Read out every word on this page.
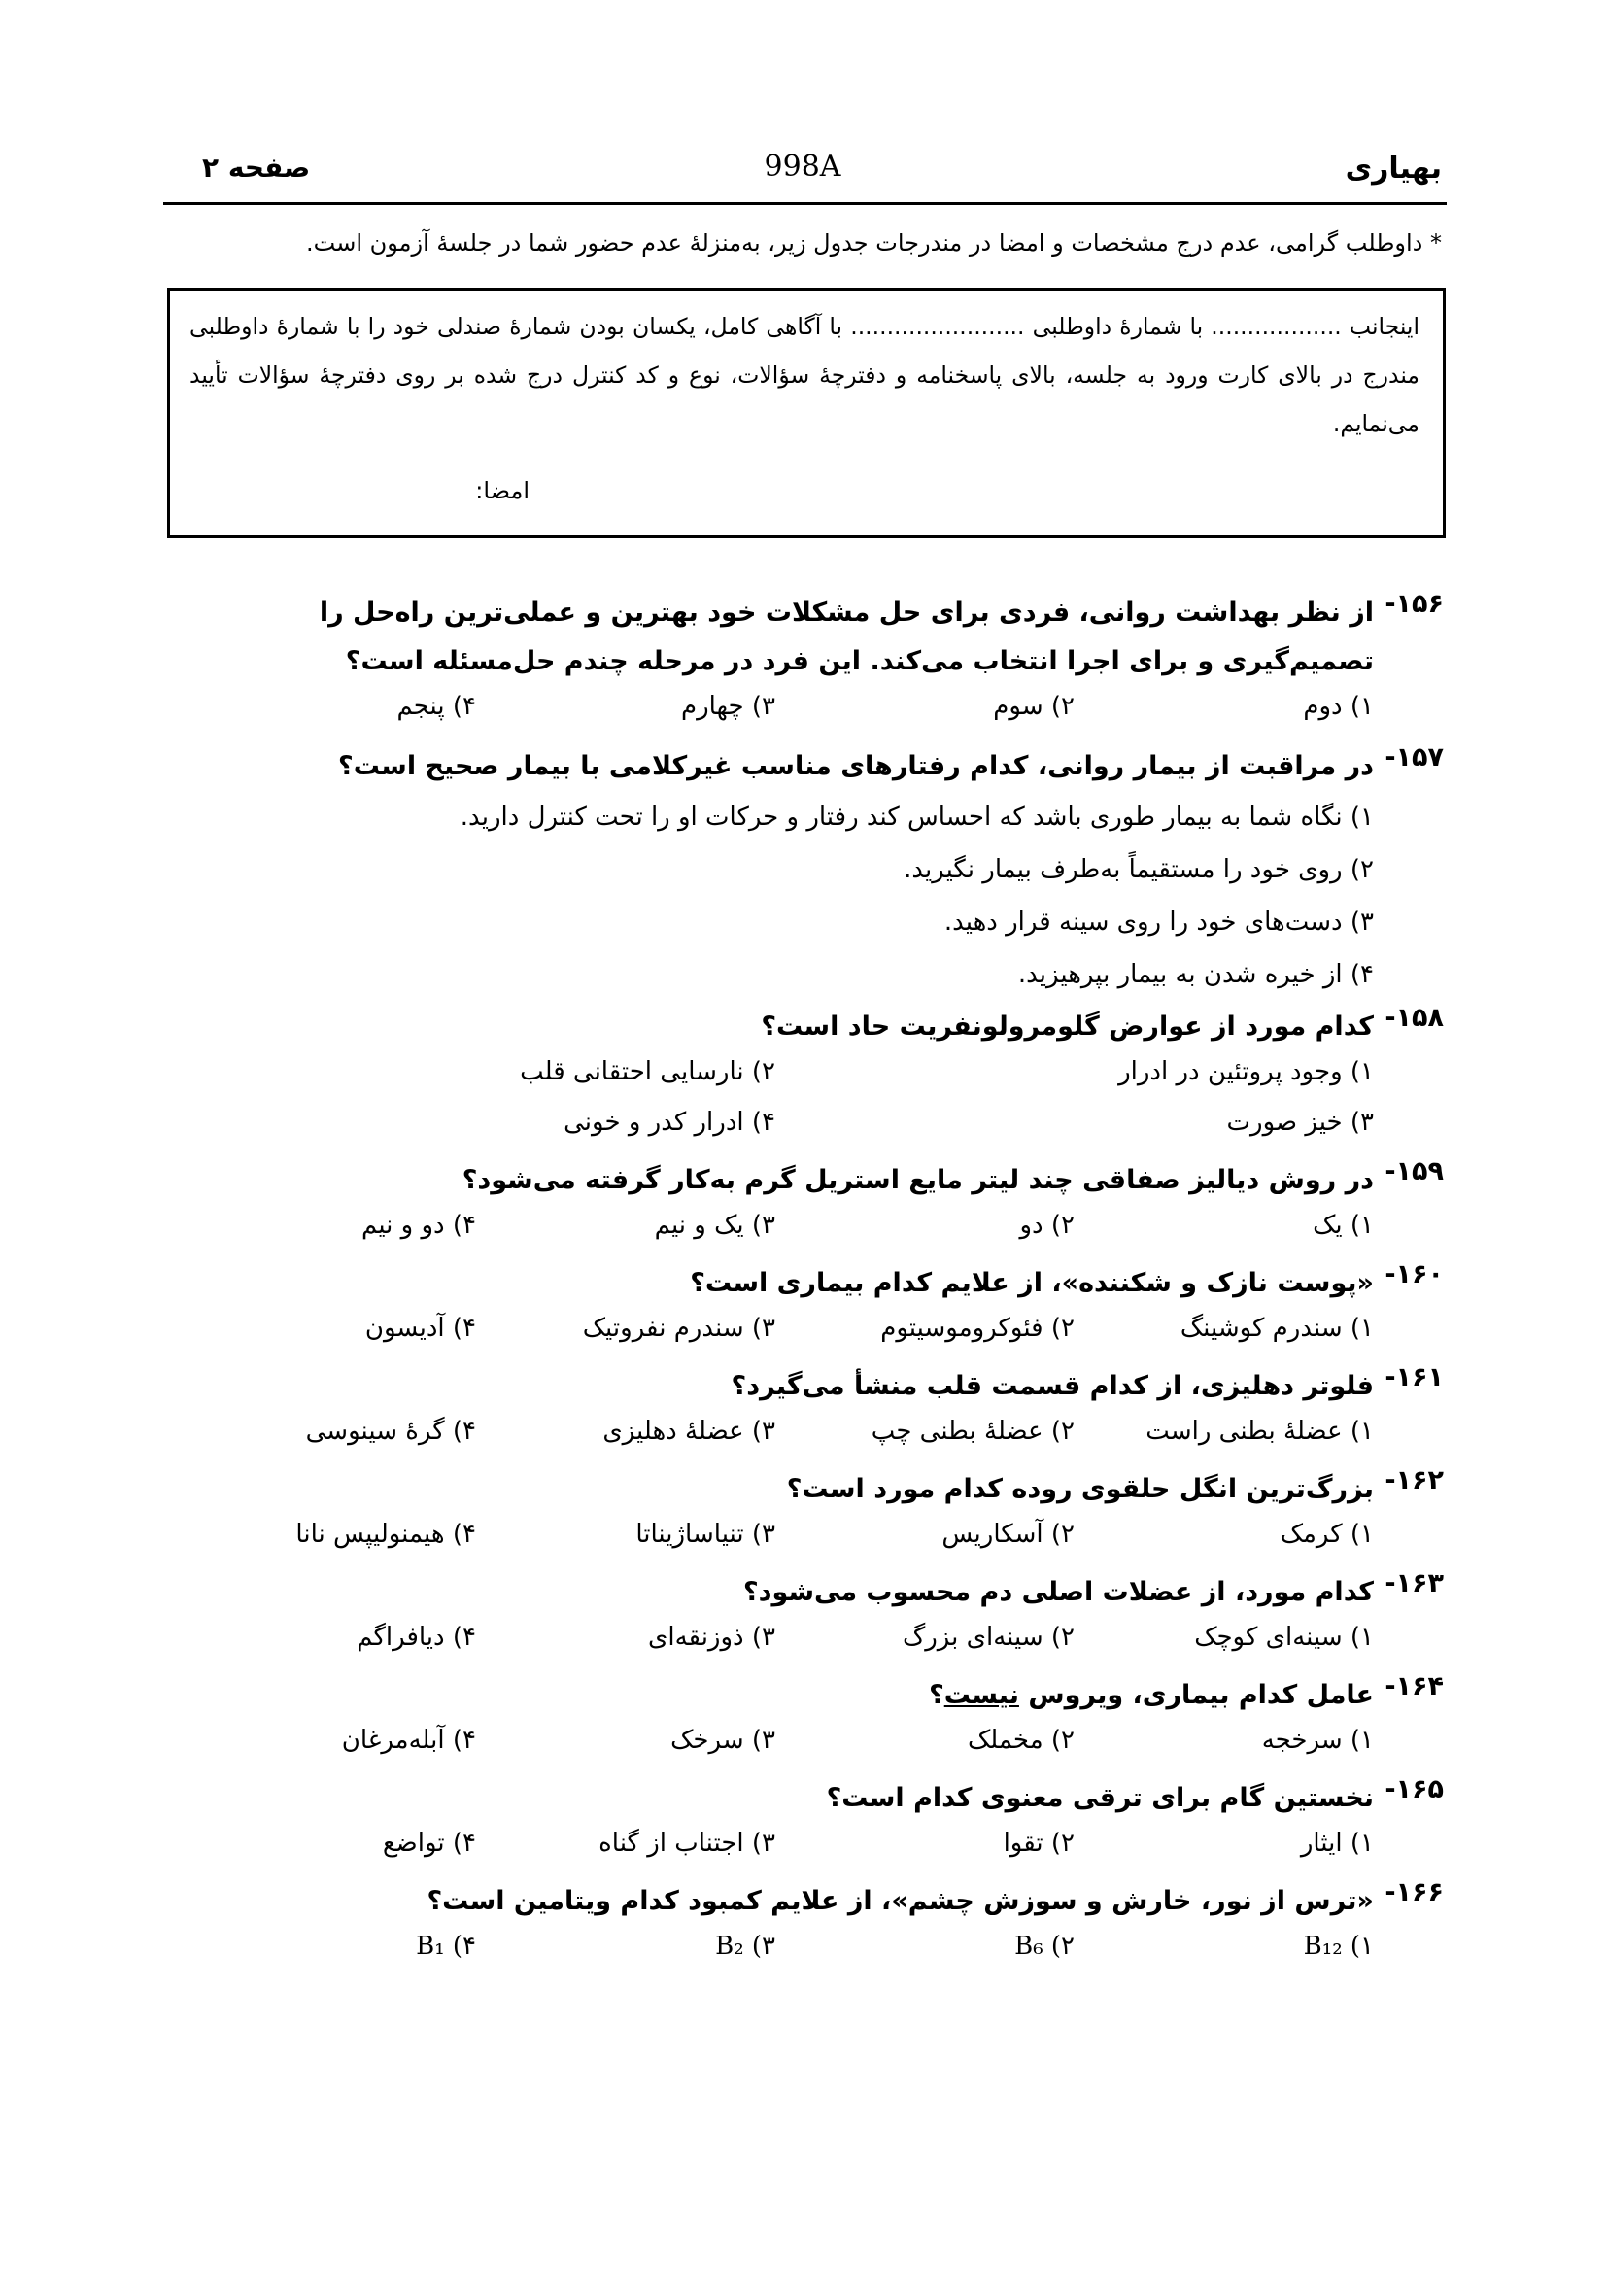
صفحه ۲	998A	بهیاری
* داوطلب گرامی، عدم درج مشخصات و امضا در مندرجات جدول زیر، به‌منزلهٔ عدم حضور شما در جلسهٔ آزمون است.
اینجانب .................. با شمارهٔ داوطلبی ........................ با آگاهی کامل، یکسان بودن شمارهٔ صندلی خود را با شمارهٔ داوطلبی مندرج در بالای کارت ورود به جلسه، بالای پاسخنامه و دفترچهٔ سؤالات، نوع و کد کنترل درج شده بر روی دفترچهٔ سؤالات تأیید می‌نمایم.
امضا:
۱۵۶-
از نظر بهداشت روانی، فردی برای حل مشکلات خود بهترین و عملی‌ترین راه‌حل را تصمیم‌گیری و برای اجرا انتخاب می‌کند. این فرد در مرحله چندم حل‌مسئله است؟
۱) دوم
۲) سوم
۳) چهارم
۴) پنجم
۱۵۷-
در مراقبت از بیمار روانی، کدام رفتارهای مناسب غیرکلامی با بیمار صحیح است؟
۱) نگاه شما به بیمار طوری باشد که احساس کند رفتار و حرکات او را تحت کنترل دارید.
۲) روی خود را مستقیماً به‌طرف بیمار نگیرید.
۳) دست‌های خود را روی سینه قرار دهید.
۴) از خیره شدن به بیمار بپرهیزید.
۱۵۸-
کدام مورد از عوارض گلومرولونفریت حاد است؟
۱) وجود پروتئین در ادرار
۲) نارسایی احتقانی قلب
۳) خیز صورت
۴) ادرار کدر و خونی
۱۵۹-
در روش دیالیز صفاقی چند لیتر مایع استریل گرم به‌کار گرفته می‌شود؟
۱) یک
۲) دو
۳) یک و نیم
۴) دو و نیم
۱۶۰-
«پوست نازک و شکننده»، از علایم کدام بیماری است؟
۱) سندرم کوشینگ
۲) فئوکروموسیتوم
۳) سندرم نفروتیک
۴) آدیسون
۱۶۱-
فلوتر دهلیزی، از کدام قسمت قلب منشأ می‌گیرد؟
۱) عضلهٔ بطنی راست
۲) عضلهٔ بطنی چپ
۳) عضلهٔ دهلیزی
۴) گرهٔ سینوسی
۱۶۲-
بزرگ‌ترین انگل حلقوی روده کدام مورد است؟
۱) کرمک
۲) آسکاریس
۳) تنیاساژیناتا
۴) هیمنولیپس نانا
۱۶۳-
کدام مورد، از عضلات اصلی دم محسوب می‌شود؟
۱) سینه‌ای کوچک
۲) سینه‌ای بزرگ
۳) ذوزنقه‌ای
۴) دیافراگم
۱۶۴-
عامل کدام بیماری، ویروس نیست؟
۱) سرخجه
۲) مخملک
۳) سرخک
۴) آبله‌مرغان
۱۶۵-
نخستین گام برای ترقی معنوی کدام است؟
۱) ایثار
۲) تقوا
۳) اجتناب از گناه
۴) تواضع
۱۶۶-
«ترس از نور، خارش و سوزش چشم»، از علایم کمبود کدام ویتامین است؟
B₁₂ (۱
B₆ (۲
B₂ (۳
B₁ (۴
